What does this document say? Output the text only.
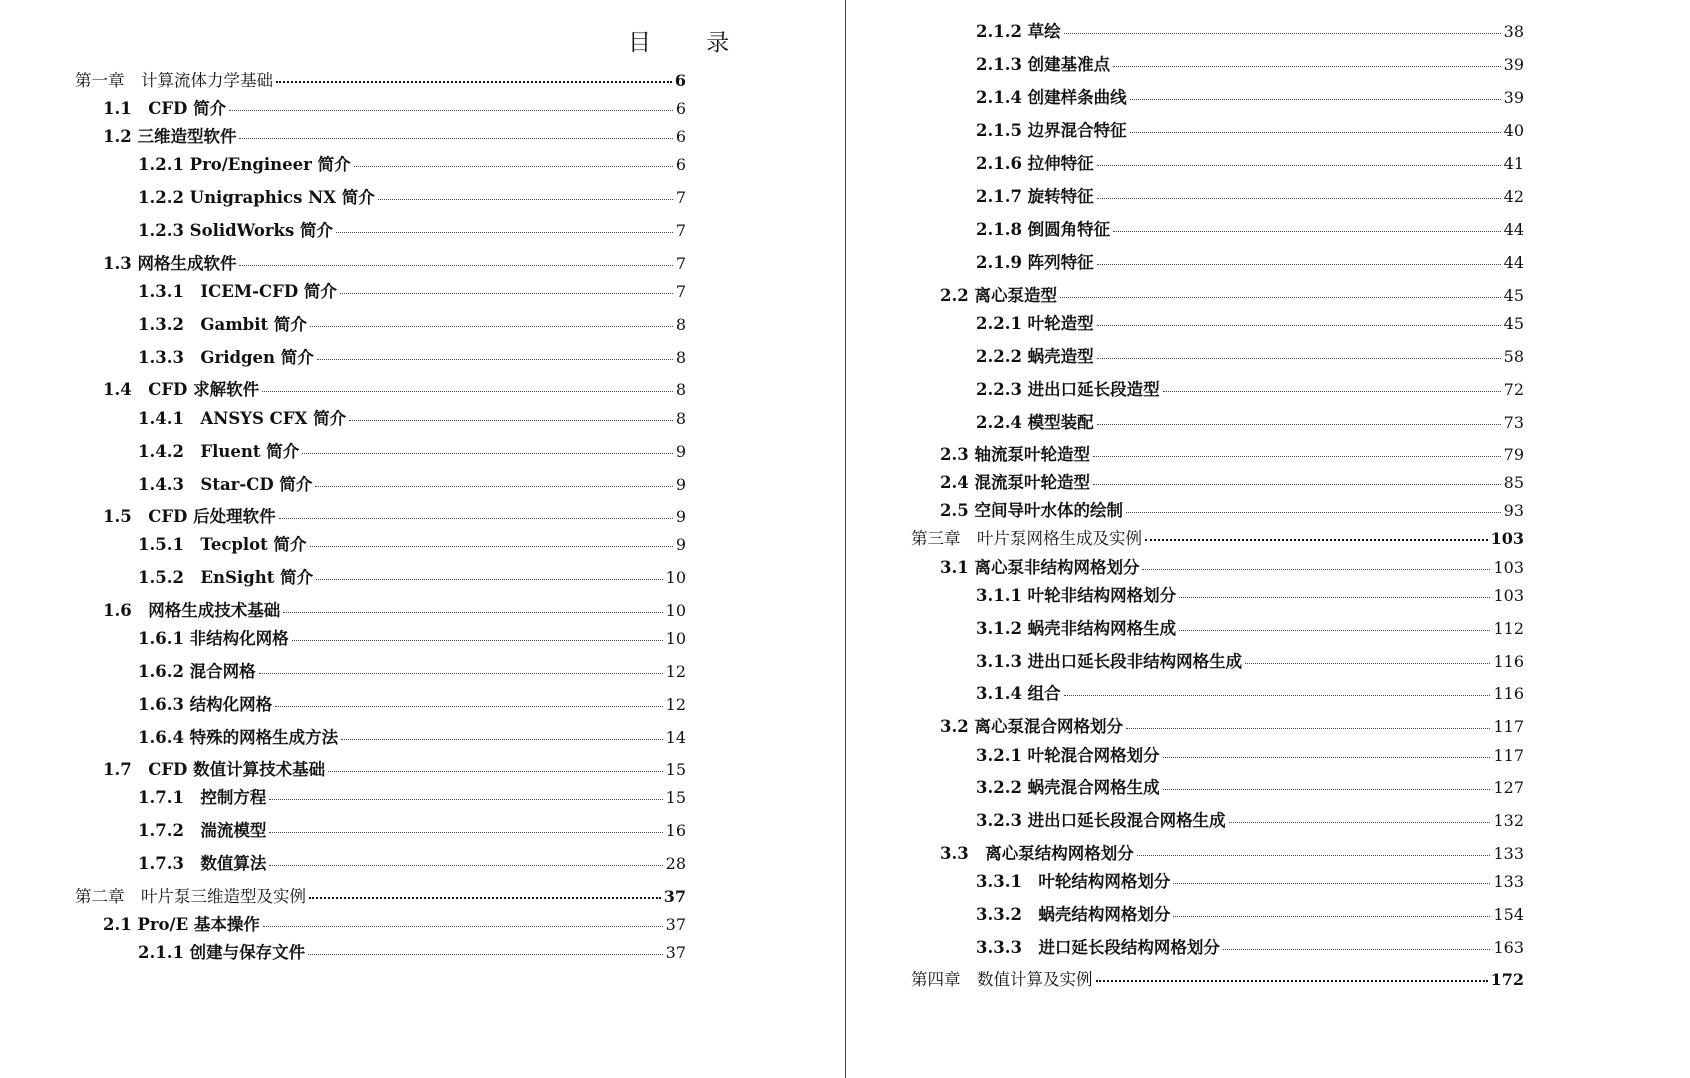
目 录
第一章　计算流体力学基础	6
1.1　CFD 简介	6
1.2 三维造型软件	6
1.2.1 Pro/Engineer 简介	6
1.2.2 Unigraphics NX 简介	7
1.2.3 SolidWorks 简介	7
1.3 网格生成软件	7
1.3.1　ICEM-CFD 简介	7
1.3.2　Gambit 简介	8
1.3.3　Gridgen 简介	8
1.4　CFD 求解软件	8
1.4.1　ANSYS CFX 简介	8
1.4.2　Fluent 简介	9
1.4.3　Star-CD 简介	9
1.5　CFD 后处理软件	9
1.5.1　Tecplot 简介	9
1.5.2　EnSight 简介	10
1.6　网格生成技术基础	10
1.6.1 非结构化网格	10
1.6.2 混合网格	12
1.6.3 结构化网格	12
1.6.4 特殊的网格生成方法	14
1.7　CFD 数值计算技术基础	15
1.7.1　控制方程	15
1.7.2　湍流模型	16
1.7.3　数值算法	28
第二章　叶片泵三维造型及实例	37
2.1 Pro/E 基本操作	37
2.1.1 创建与保存文件	37
2.1.2 草绘	38
2.1.3 创建基准点	39
2.1.4 创建样条曲线	39
2.1.5 边界混合特征	40
2.1.6 拉伸特征	41
2.1.7 旋转特征	42
2.1.8 倒圆角特征	44
2.1.9 阵列特征	44
2.2 离心泵造型	45
2.2.1 叶轮造型	45
2.2.2 蜗壳造型	58
2.2.3 进出口延长段造型	72
2.2.4 模型装配	73
2.3 轴流泵叶轮造型	79
2.4 混流泵叶轮造型	85
2.5 空间导叶水体的绘制	93
第三章　叶片泵网格生成及实例	103
3.1 离心泵非结构网格划分	103
3.1.1 叶轮非结构网格划分	103
3.1.2 蜗壳非结构网格生成	112
3.1.3 进出口延长段非结构网格生成	116
3.1.4 组合	116
3.2 离心泵混合网格划分	117
3.2.1 叶轮混合网格划分	117
3.2.2 蜗壳混合网格生成	127
3.2.3 进出口延长段混合网格生成	132
3.3　离心泵结构网格划分	133
3.3.1　叶轮结构网格划分	133
3.3.2　蜗壳结构网格划分	154
3.3.3　进口延长段结构网格划分	163
第四章　数值计算及实例	172
